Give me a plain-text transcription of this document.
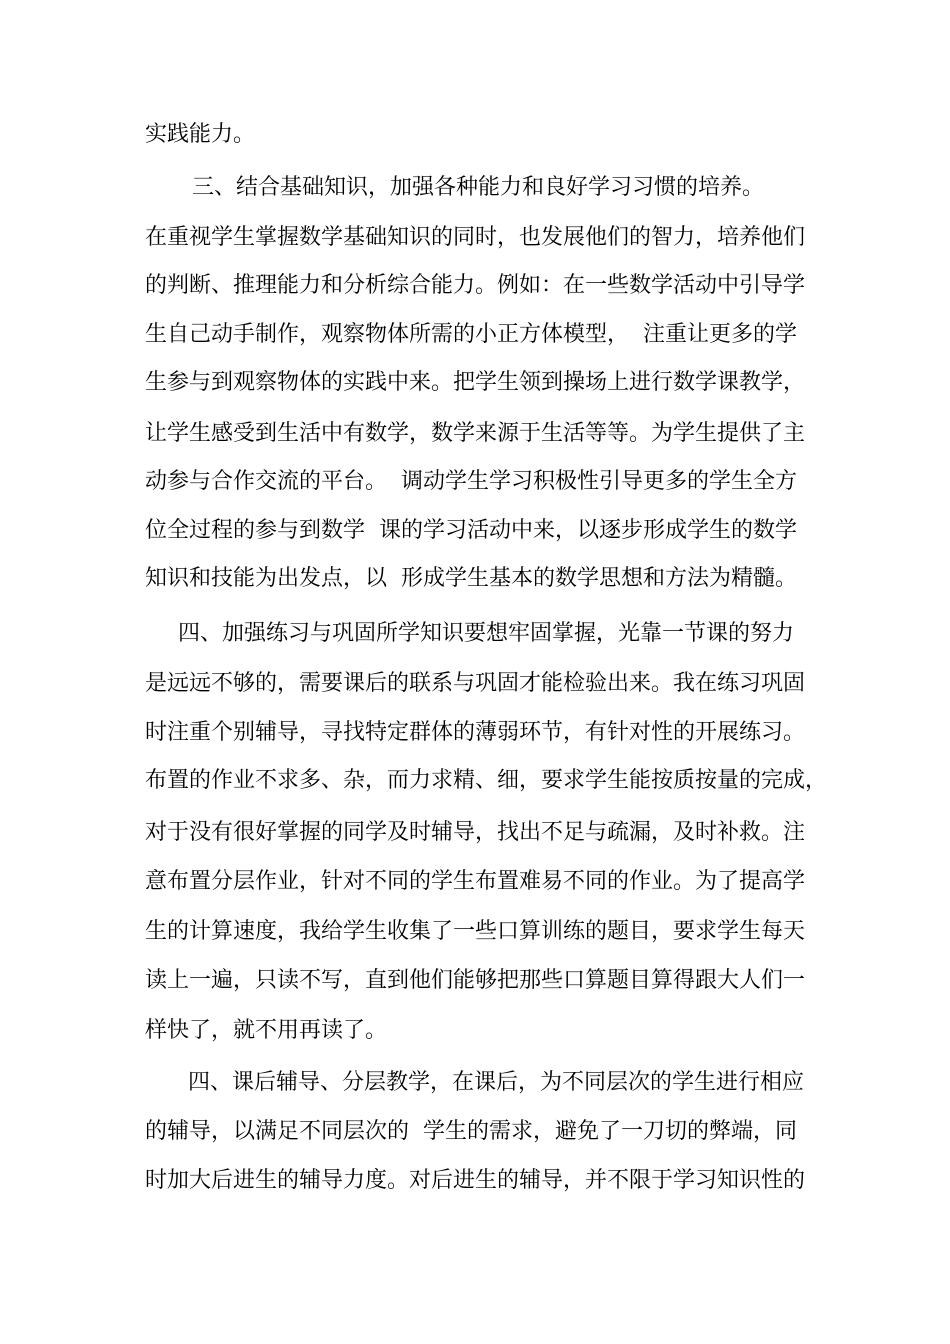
实践能力。
三、结合基础知识，加强各种能力和良好学习习惯的培养。
在重视学生掌握数学基础知识的同时，也发展他们的智力，培养他们
的判断、推理能力和分析综合能力。例如：在一些数学活动中引导学
生自己动手制作，观察物体所需的小正方体模型，  注重让更多的学
生参与到观察物体的实践中来。把学生领到操场上进行数学课教学，
让学生感受到生活中有数学，数学来源于生活等等。为学生提供了主
动参与合作交流的平台。  调动学生学习积极性引导更多的学生全方
位全过程的参与到数学  课的学习活动中来，以逐步形成学生的数学
知识和技能为出发点，以  形成学生基本的数学思想和方法为精髓。
四、加强练习与巩固所学知识要想牢固掌握，光靠一节课的努力
是远远不够的，需要课后的联系与巩固才能检验出来。我在练习巩固
时注重个别辅导，寻找特定群体的薄弱环节，有针对性的开展练习。
布置的作业不求多、杂，而力求精、细，要求学生能按质按量的完成，
对于没有很好掌握的同学及时辅导，找出不足与疏漏，及时补救。注
意布置分层作业，针对不同的学生布置难易不同的作业。为了提高学
生的计算速度，我给学生收集了一些口算训练的题目，要求学生每天
读上一遍，只读不写，直到他们能够把那些口算题目算得跟大人们一
样快了，就不用再读了。
四、课后辅导、分层教学，在课后，为不同层次的学生进行相应
的辅导，以满足不同层次的  学生的需求，避免了一刀切的弊端，同
时加大后进生的辅导力度。对后进生的辅导，并不限于学习知识性的
